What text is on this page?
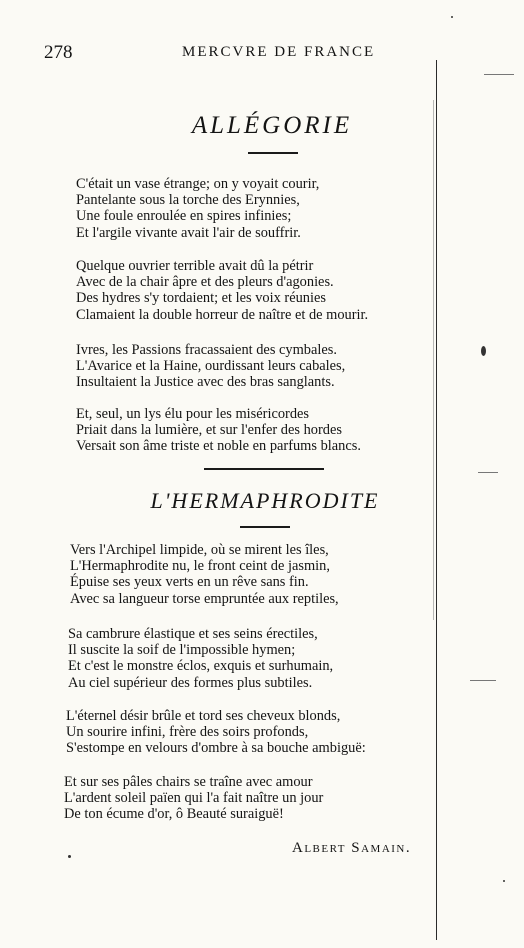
278	MERCVRE DE FRANCE
ALLÉGORIE
C'était un vase étrange; on y voyait courir,
Pantelante sous la torche des Erynnies,
Une foule enroulée en spires infinies;
Et l'argile vivante avait l'air de souffrir.
Quelque ouvrier terrible avait dû la pétrir
Avec de la chair âpre et des pleurs d'agonies.
Des hydres s'y tordaient; et les voix réunies
Clamaient la double horreur de naître et de mourir.
Ivres, les Passions fracassaient des cymbales.
L'Avarice et la Haine, ourdissant leurs cabales,
Insultaient la Justice avec des bras sanglants.
Et, seul, un lys élu pour les miséricordes
Priait dans la lumière, et sur l'enfer des hordes
Versait son âme triste et noble en parfums blancs.
L'HERMAPHRODITE
Vers l'Archipel limpide, où se mirent les îles,
L'Hermaphrodite nu, le front ceint de jasmin,
Épuise ses yeux verts en un rêve sans fin.
Avec sa langueur torse empruntée aux reptiles,
Sa cambrure élastique et ses seins érectiles,
Il suscite la soif de l'impossible hymen;
Et c'est le monstre éclos, exquis et surhumain,
Au ciel supérieur des formes plus subtiles.
L'éternel désir brûle et tord ses cheveux blonds,
Un sourire infini, frère des soirs profonds,
S'estompe en velours d'ombre à sa bouche ambiguë:
Et sur ses pâles chairs se traîne avec amour
L'ardent soleil païen qui l'a fait naître un jour
De ton écume d'or, ô Beauté suraiguë!
Albert Samain.
